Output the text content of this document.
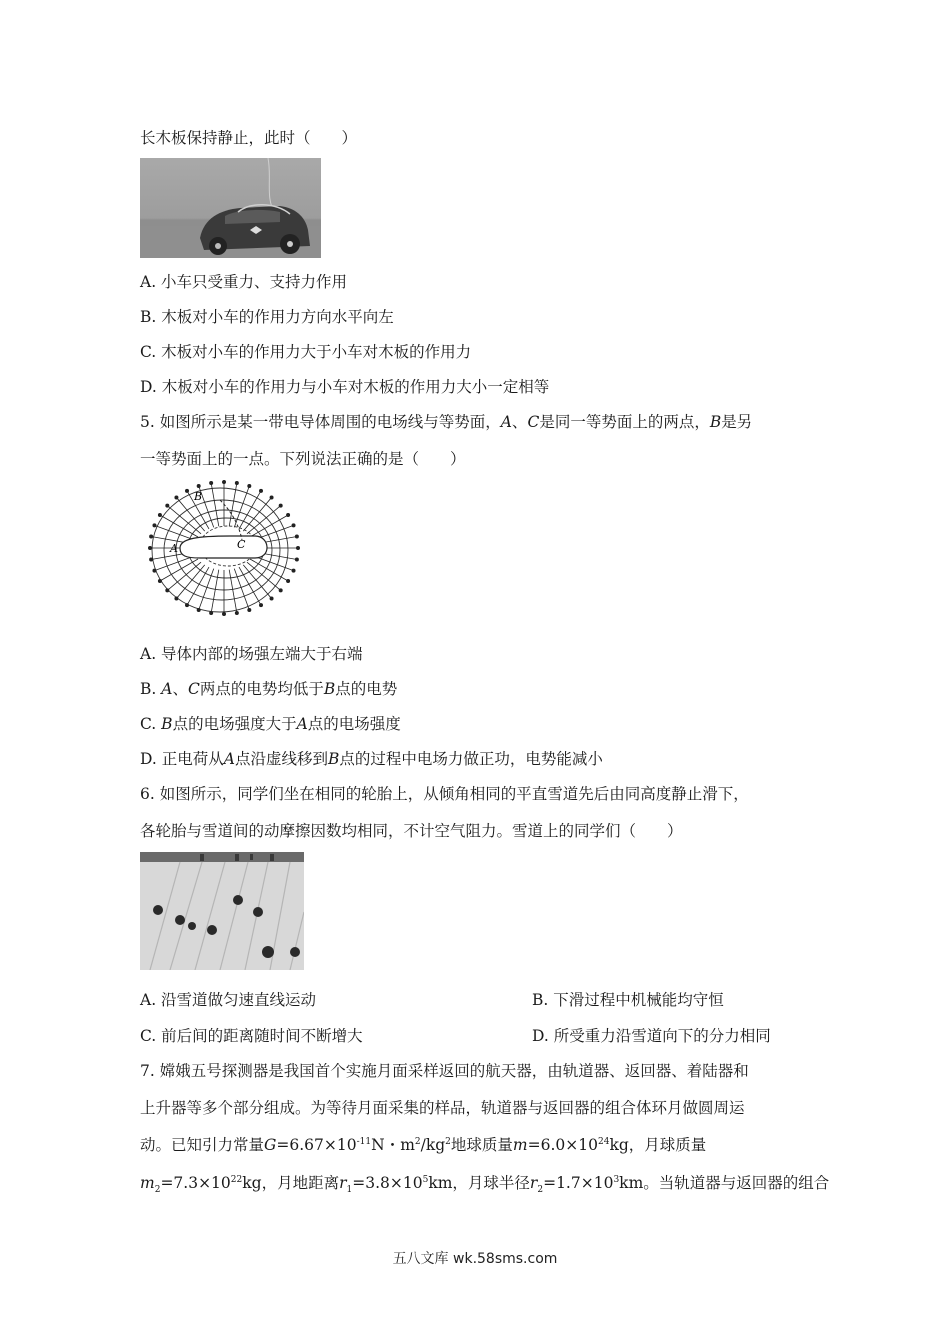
长木板保持静止，此时（　　）
A. 小车只受重力、支持力作用
B. 木板对小车的作用力方向水平向左
C. 木板对小车的作用力大于小车对木板的作用力
D. 木板对小车的作用力与小车对木板的作用力大小一定相等
5. 如图所示是某一带电导体周围的电场线与等势面，A、C是同一等势面上的两点，B是另
一等势面上的一点。下列说法正确的是（　　）
B
A	C
A. 导体内部的场强左端大于右端
B. A、C两点的电势均低于B点的电势
C. B点的电场强度大于A点的电场强度
D. 正电荷从A点沿虚线移到B点的过程中电场力做正功，电势能减小
6. 如图所示，同学们坐在相同的轮胎上，从倾角相同的平直雪道先后由同高度静止滑下，
各轮胎与雪道间的动摩擦因数均相同，不计空气阻力。雪道上的同学们（　　）
A. 沿雪道做匀速直线运动	B. 下滑过程中机械能均守恒
C. 前后间的距离随时间不断增大	D. 所受重力沿雪道向下的分力相同
7. 嫦娥五号探测器是我国首个实施月面采样返回的航天器，由轨道器、返回器、着陆器和
上升器等多个部分组成。为等待月面采集的样品，轨道器与返回器的组合体环月做圆周运
动。已知引力常量$G=6.67\times 10^{-11}N$・$m^2/kg^2$地球质量$m=6.0\times 10^{24}kg$，月球质量
$m_2=7.3\times 10^{22}kg$，月地距离$r_1=3.8\times 10^5km$，月球半径$r_2=1.7\times 10^3km$。当轨道器与返回器的组合
五八文库 wk.58sms.com
